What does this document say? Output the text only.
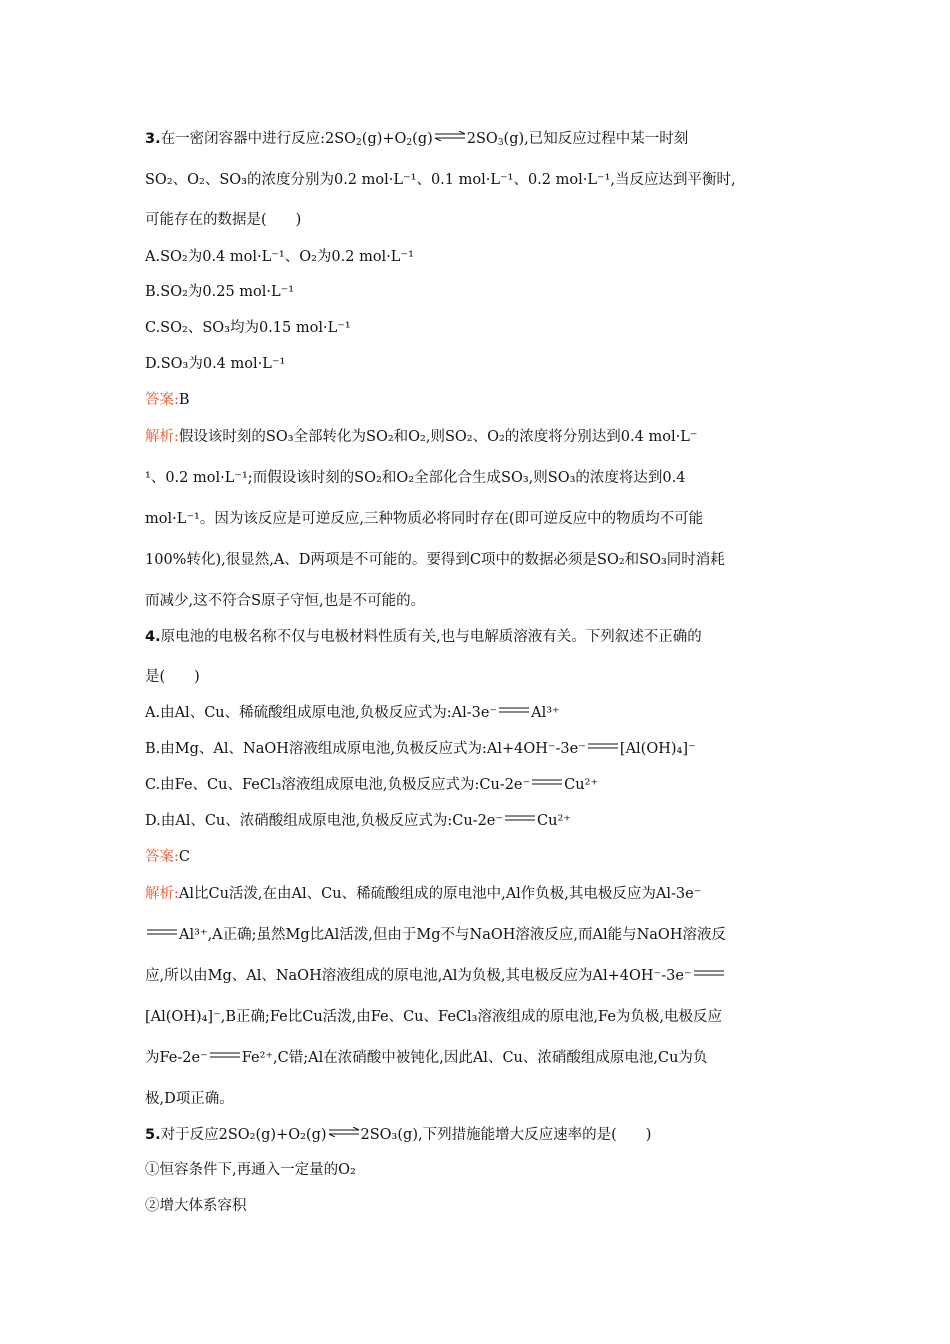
3.在一密闭容器中进行反应$:2SO_2(g)+O_2(g)\rightleftharpoons 2SO_3(g)$,已知反应过程中某一时刻
SO₂、O₂、SO₃的浓度分别为0.2 mol·L⁻¹、0.1 mol·L⁻¹、0.2 mol·L⁻¹,当反应达到平衡时,
可能存在的数据是(　　)
A.SO₂为0.4 mol·L⁻¹、O₂为0.2 mol·L⁻¹
B.SO₂为0.25 mol·L⁻¹
C.SO₂、SO₃均为0.15 mol·L⁻¹
D.SO₃为0.4 mol·L⁻¹
答案:B
解析:假设该时刻的SO₃全部转化为SO₂和O₂,则SO₂、O₂的浓度将分别达到0.4 mol·L⁻
¹、0.2 mol·L⁻¹;而假设该时刻的SO₂和O₂全部化合生成SO₃,则SO₃的浓度将达到0.4
mol·L⁻¹。因为该反应是可逆反应,三种物质必将同时存在(即可逆反应中的物质均不可能
100%转化),很显然,A、D两项是不可能的。要得到C项中的数据必须是SO₂和SO₃同时消耗
而减少,这不符合S原子守恒,也是不可能的。
4.原电池的电极名称不仅与电极材料性质有关,也与电解质溶液有关。下列叙述不正确的
是(　　)
A.由Al、Cu、稀硫酸组成原电池,负极反应式为:Al-3e⁻ Al³⁺
B.由Mg、Al、NaOH溶液组成原电池,负极反应式为:Al+4OH⁻-3e⁻ [Al(OH)₄]⁻
C.由Fe、Cu、FeCl₃溶液组成原电池,负极反应式为:Cu-2e⁻ Cu²⁺
D.由Al、Cu、浓硝酸组成原电池,负极反应式为:Cu-2e⁻ Cu²⁺
答案:C
解析:Al比Cu活泼,在由Al、Cu、稀硫酸组成的原电池中,Al作负极,其电极反应为Al-3e⁻
Al³⁺,A正确;虽然Mg比Al活泼,但由于Mg不与NaOH溶液反应,而Al能与NaOH溶液反
应,所以由Mg、Al、NaOH溶液组成的原电池,Al为负极,其电极反应为Al+4OH⁻-3e⁻
[Al(OH)₄]⁻,B正确;Fe比Cu活泼,由Fe、Cu、FeCl₃溶液组成的原电池,Fe为负极,电极反应
为Fe-2e⁻ Fe²⁺,C错;Al在浓硝酸中被钝化,因此Al、Cu、浓硝酸组成原电池,Cu为负
极,D项正确。
5.对于反应2SO₂(g)+O₂(g)⇌2SO₃(g),下列措施能增大反应速率的是(　　)
①恒容条件下,再通入一定量的O₂
②增大体系容积
